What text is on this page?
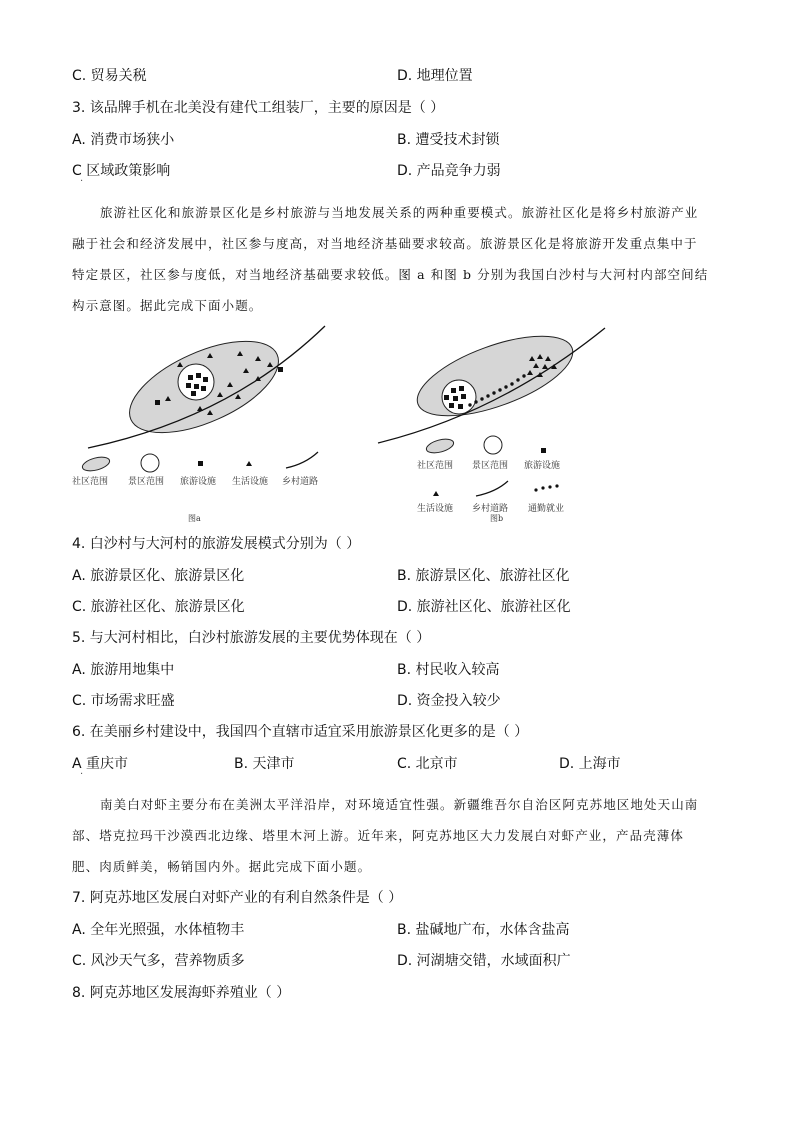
C. 贸易关税	D. 地理位置
3. 该品牌手机在北美没有建代工组装厂，主要的原因是（ ）
A. 消费市场狭小	B. 遭受技术封锁
C 区域政策影响	D. 产品竞争力弱
·
旅游社区化和旅游景区化是乡村旅游与当地发展关系的两种重要模式。旅游社区化是将乡村旅游产业
融于社会和经济发展中，社区参与度高，对当地经济基础要求较高。旅游景区化是将旅游开发重点集中于
特定景区，社区参与度低，对当地经济基础要求较低。图 a 和图 b 分别为我国白沙村与大河村内部空间结
构示意图。据此完成下面小题。
社区范围 景区范围 旅游设施 生活设施 乡村道路
图a
社区范围 景区范围 旅游设施
生活设施 乡村道路 通勤就业
图b
4. 白沙村与大河村的旅游发展模式分别为（ ）
A. 旅游景区化、旅游景区化	B. 旅游景区化、旅游社区化
C. 旅游社区化、旅游景区化	D. 旅游社区化、旅游社区化
5. 与大河村相比，白沙村旅游发展的主要优势体现在（ ）
A. 旅游用地集中	B. 村民收入较高
C. 市场需求旺盛	D. 资金投入较少
6. 在美丽乡村建设中，我国四个直辖市适宜采用旅游景区化更多的是（ ）
A 重庆市	B. 天津市	C. 北京市	D. 上海市
·
南美白对虾主要分布在美洲太平洋沿岸，对环境适宜性强。新疆维吾尔自治区阿克苏地区地处天山南
部、塔克拉玛干沙漠西北边缘、塔里木河上游。近年来，阿克苏地区大力发展白对虾产业，产品壳薄体
肥、肉质鲜美，畅销国内外。据此完成下面小题。
7. 阿克苏地区发展白对虾产业的有利自然条件是（ ）
A. 全年光照强，水体植物丰	B. 盐碱地广布，水体含盐高
C. 风沙天气多，营养物质多	D. 河湖塘交错，水域面积广
8. 阿克苏地区发展海虾养殖业（ ）
